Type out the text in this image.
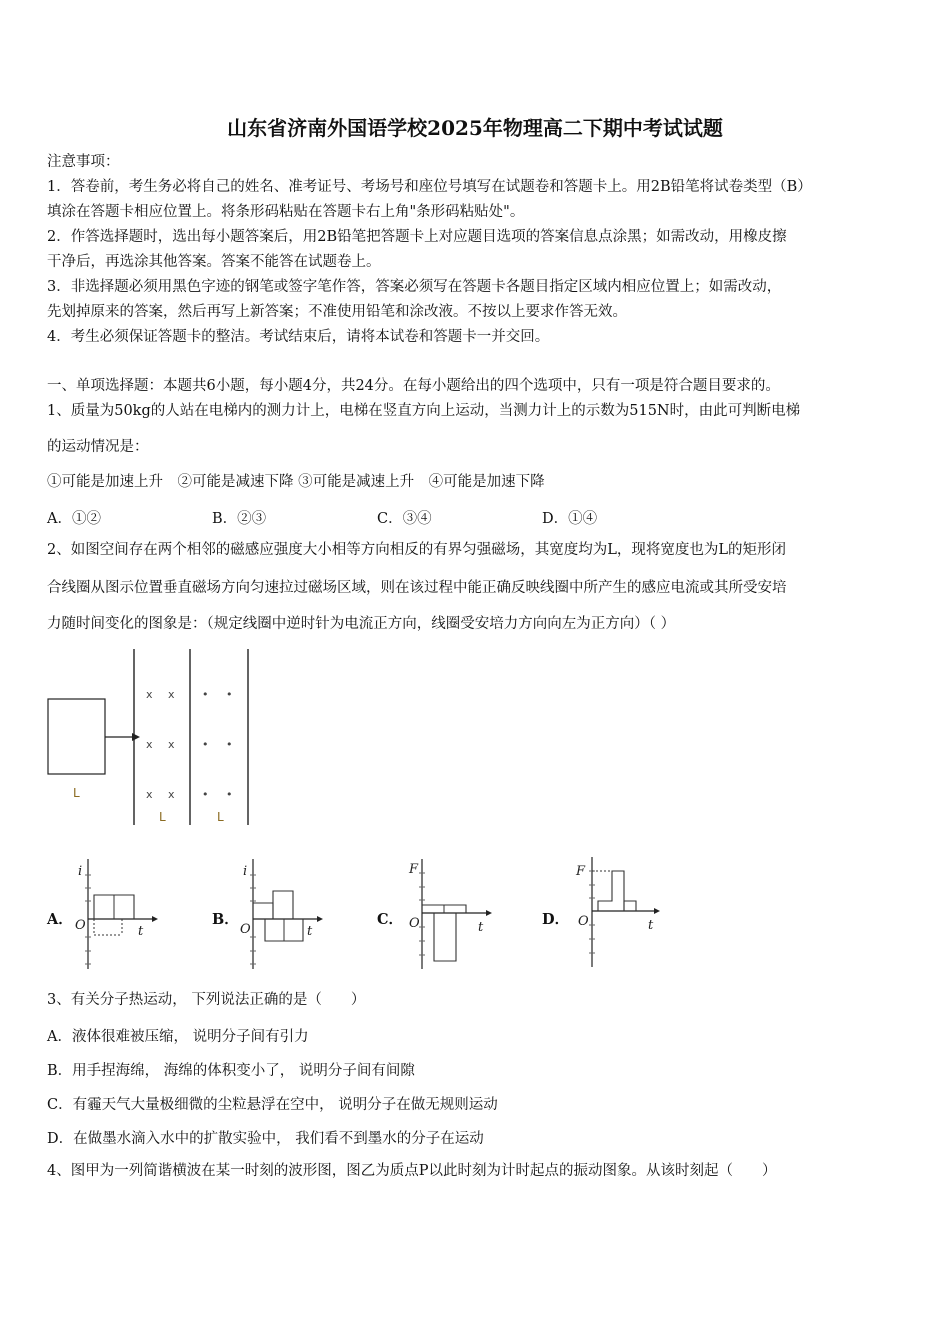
山东省济南外国语学校2025年物理高二下期中考试试题
注意事项：
1．答卷前，考生务必将自己的姓名、准考证号、考场号和座位号填写在试题卷和答题卡上。用2B铅笔将试卷类型（B）
填涂在答题卡相应位置上。将条形码粘贴在答题卡右上角"条形码粘贴处"。
2．作答选择题时，选出每小题答案后，用2B铅笔把答题卡上对应题目选项的答案信息点涂黑；如需改动，用橡皮擦
干净后，再选涂其他答案。答案不能答在试题卷上。
3．非选择题必须用黑色字迹的钢笔或签字笔作答，答案必须写在答题卡各题目指定区域内相应位置上；如需改动，
先划掉原来的答案，然后再写上新答案；不准使用铅笔和涂改液。不按以上要求作答无效。
4．考生必须保证答题卡的整洁。考试结束后，请将本试卷和答题卡一并交回。
一、单项选择题：本题共6小题，每小题4分，共24分。在每小题给出的四个选项中，只有一项是符合题目要求的。
1、质量为50kg的人站在电梯内的测力计上，电梯在竖直方向上运动，当测力计上的示数为515N时，由此可判断电梯
的运动情况是：
①可能是加速上升　②可能是减速下降 ③可能是减速上升　④可能是加速下降
A．①②	B．②③	C．③④	D．①④
2、如图空间存在两个相邻的磁感应强度大小相等方向相反的有界匀强磁场，其宽度均为L，现将宽度也为L的矩形闭
合线圈从图示位置垂直磁场方向匀速拉过磁场区域，则在该过程中能正确反映线圈中所产生的感应电流或其所受安培
力随时间变化的图象是：（规定线圈中逆时针为电流正方向，线圈受安培力方向向左为正方向）（ ）
x x
x x
x x
• •
• •
• •
L
L	L
A．
i
O	t
B．
i
O	t
C．
F
O	t	D．
F
O	t
3、有关分子热运动， 下列说法正确的是（　　）
A．液体很难被压缩， 说明分子间有引力
B．用手捏海绵， 海绵的体积变小了， 说明分子间有间隙
C．有霾天气大量极细微的尘粒悬浮在空中， 说明分子在做无规则运动
D．在做墨水滴入水中的扩散实验中， 我们看不到墨水的分子在运动
4、图甲为一列简谐横波在某一时刻的波形图，图乙为质点P以此时刻为计时起点的振动图象。从该时刻起（　　）
